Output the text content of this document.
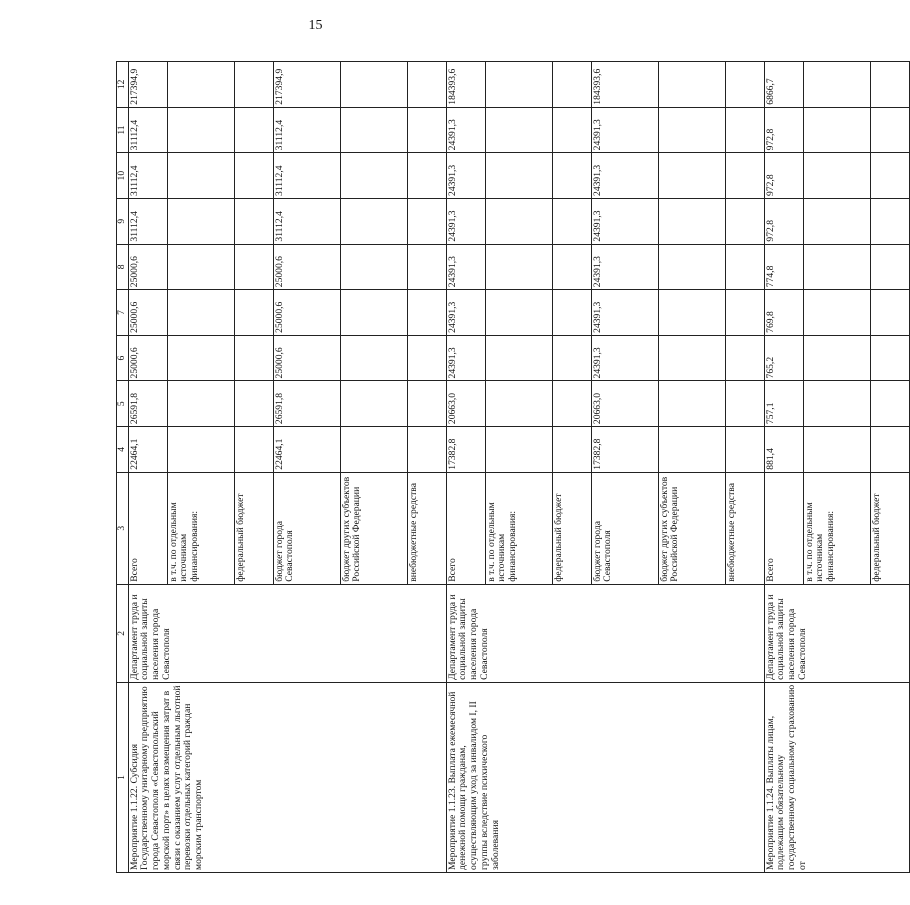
15
1	2	3	4	5	6	7	8	9	10	11	12
Мероприятие 1.1.22. Субсидия Государственному унитарному предприятию города Севастополя «Севастопольский морской порт» в целях возмещения затрат в связи с оказанием услуг отдельным льготной перевозки отдельных категорий граждан морским транспортом	Департамент труда и социальной защиты населения города Севастополя	Всего	22464,1	26591,8	25000,6	25000,6	25000,6	31112,4	31112,4	31112,4	217394,9
		в т.ч. по отдельным источникам финансирования:									
		федеральный бюджет									
		бюджет города Севастополя	22464,1	26591,8	25000,6	25000,6	25000,6	31112,4	31112,4	31112,4	217394,9
		бюджет других субъектов Российской Федерации									
		внебюджетные средства									
Мероприятие 1.1.23. Выплата ежемесячной денежной помощи гражданам, осуществляющим уход за инвалидом I, II группы вследствие психического заболевания	Департамент труда и социальной защиты населения города Севастополя	Всего	17382,8	20663,0	24391,3	24391,3	24391,3	24391,3	24391,3	24391,3	184393,6
		в т.ч. по отдельным источникам финансирования:									
		федеральный бюджет									
		бюджет города Севастополя	17382,8	20663,0	24391,3	24391,3	24391,3	24391,3	24391,3	24391,3	184393,6
		бюджет других субъектов Российской Федерации									
		внебюджетные средства									
Мероприятие 1.1.24. Выплаты лицам, подлежащим обязательному государственному социальному страхованию от	Департамент труда и социальной защиты населения города Севастополя	Всего	881,4	757,1	765,2	769,8	774,8	972,8	972,8	972,8	6866,7
		в т.ч. по отдельным источникам финансирования:									
		федеральный бюджет									
